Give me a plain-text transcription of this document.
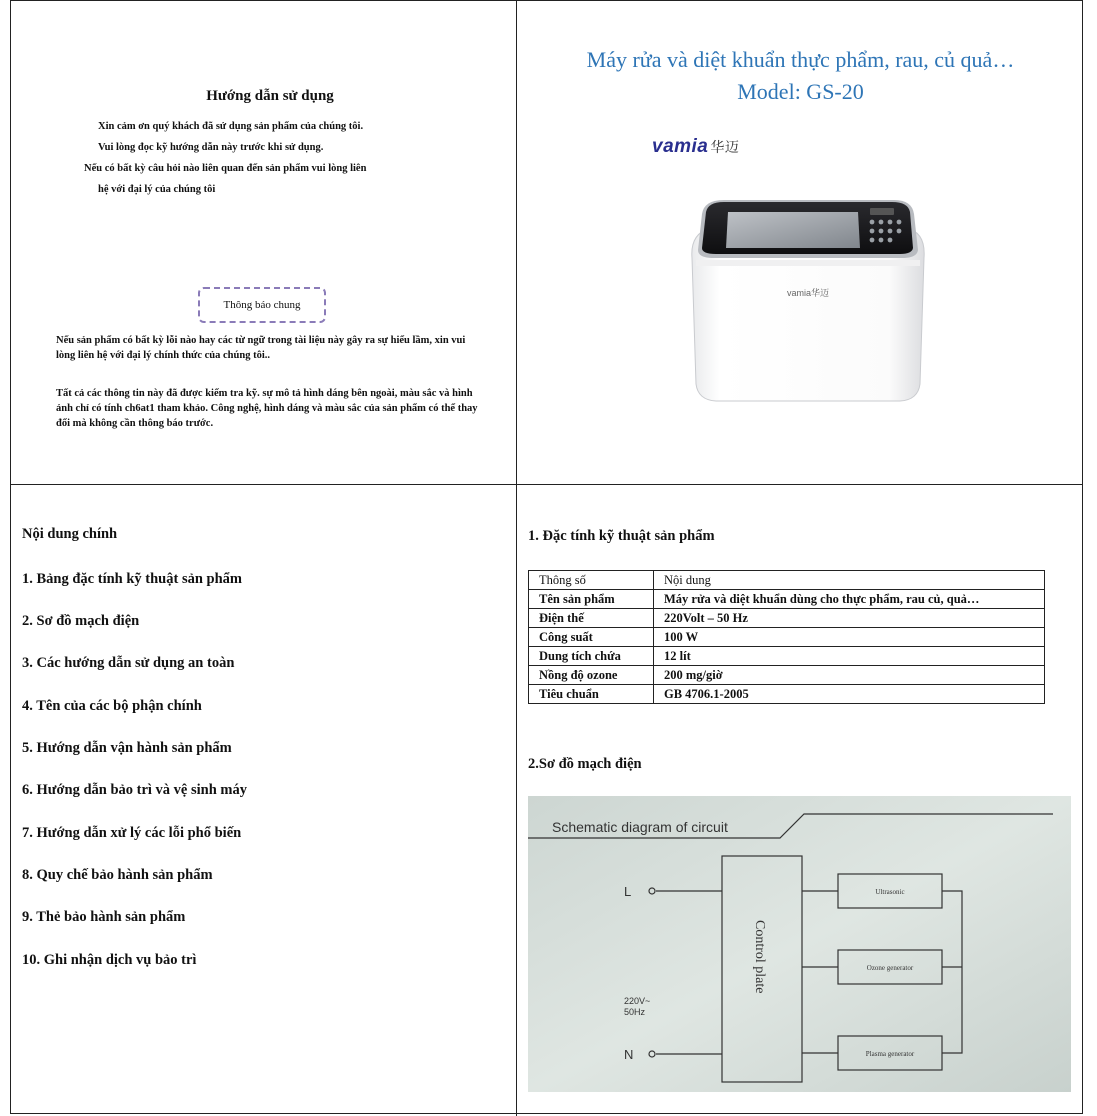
Hướng dẫn sử dụng
Xin cảm ơn quý khách đã sử dụng sản phẩm của chúng tôi.
Vui lòng đọc kỹ hướng dẫn này trước khi sử dụng.
Nếu có bất kỳ câu hỏi nào liên quan đến sản phẩm vui lòng liên
hệ với đại lý của chúng tôi
Thông báo chung
Nếu sản phẩm có bất kỳ lỗi nào hay các từ ngữ trong tài liệu này gây ra sự hiểu lầm, xin vui lòng liên hệ với đại lý chính thức của chúng tôi..
Tất cả các thông tin này đã được kiểm tra kỹ. sự mô tả hình dáng bên ngoài, màu sắc và hình ảnh chỉ có tính ch6at1 tham khảo. Công nghệ, hình dáng và màu sắc của sản phẩm có thể thay đổi mà không cần thông báo trước.
Máy rửa và diệt khuẩn thực phẩm, rau, củ quả…
Model: GS-20
vamia 华迈
vamia华迈
Nội dung chính
1. Bảng đặc tính kỹ thuật sản phẩm
2. Sơ đồ mạch điện
3. Các hướng dẫn sử dụng an toàn
4. Tên của các bộ phận chính
5. Hướng dẫn vận hành sản phẩm
6. Hướng dẫn bảo trì và vệ sinh máy
7. Hướng dẫn xử lý các lỗi phổ biến
8. Quy chế bảo hành sản phẩm
9. Thẻ bảo hành sản phẩm
10. Ghi nhận dịch vụ bảo trì
1. Đặc tính kỹ thuật sản phẩm
Thông số	Nội dung
Tên sản phẩm	Máy rửa và diệt khuẩn dùng cho thực phẩm, rau củ, quả…
Điện thế	220Volt – 50 Hz
Công suất	100 W
Dung tích chứa	12 lít
Nồng độ ozone	200 mg/giờ
Tiêu chuẩn	GB 4706.1-2005
2.Sơ đồ mạch điện
Schematic diagram of circuit
L
N
220V~
50Hz
Control plate
Ultrasonic
Ozone generator
Plasma generator
